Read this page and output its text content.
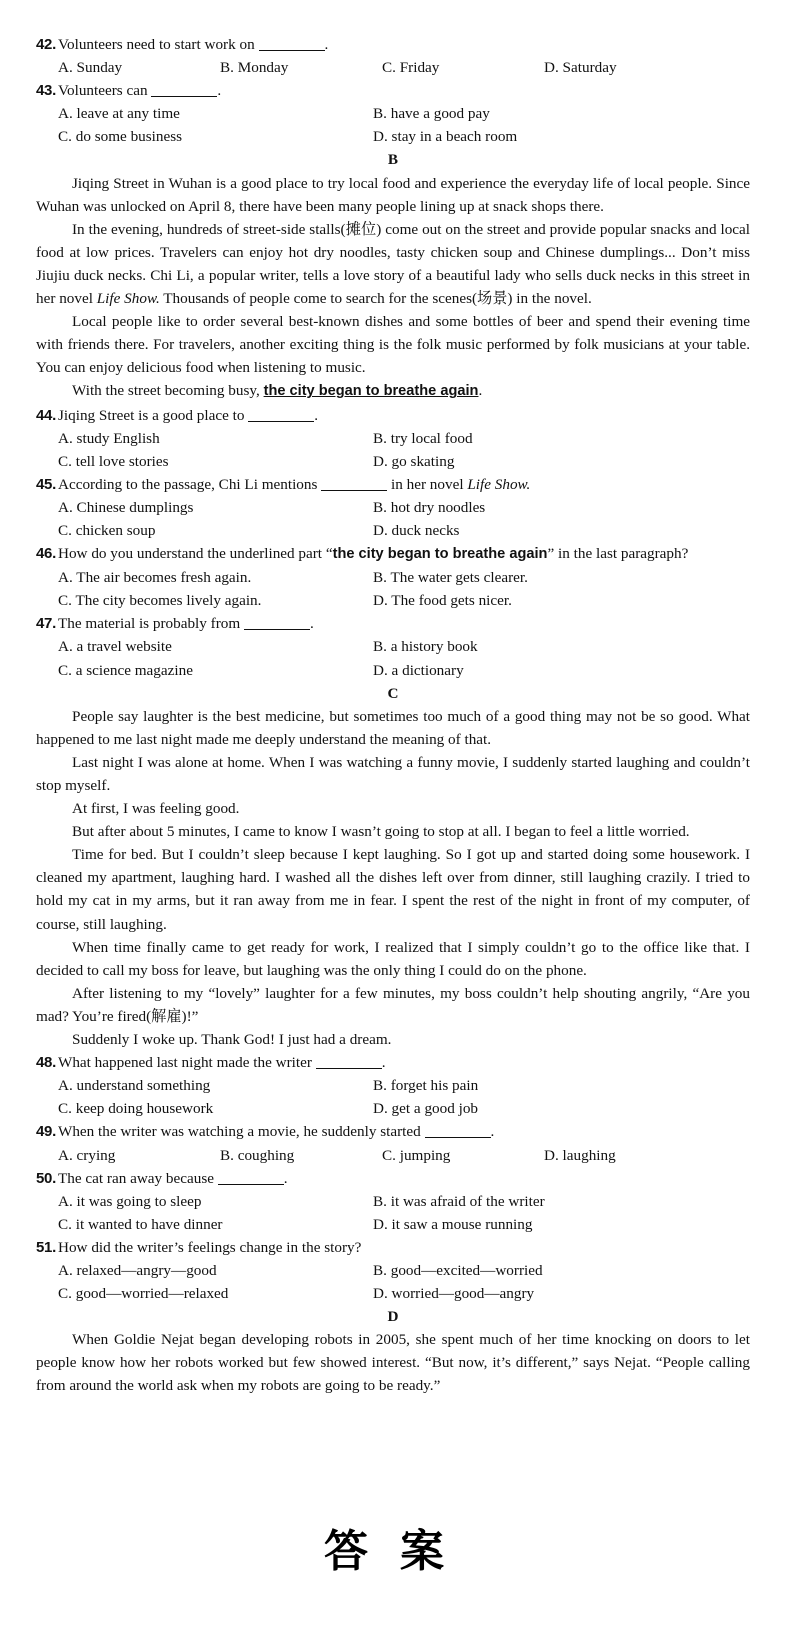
42. Volunteers need to start work on	.
A. Sunday	B. Monday	C. Friday	D. Saturday
43. Volunteers can	.
A. leave at any time	B. have a good pay
C. do some business	D. stay in a beach room
B
Jiqing Street in Wuhan is a good place to try local food and experience the everyday life of local people. Since Wuhan was unlocked on April 8, there have been many people lining up at snack shops there.
In the evening, hundreds of street-side stalls(摊位) come out on the street and provide popular snacks and local food at low prices. Travelers can enjoy hot dry noodles, tasty chicken soup and Chinese dumplings... Don’t miss Jiujiu duck necks. Chi Li, a popular writer, tells a love story of a beautiful lady who sells duck necks in this street in her novel Life Show. Thousands of people come to search for the scenes(场景) in the novel.
Local people like to order several best-known dishes and some bottles of beer and spend their evening time with friends there. For travelers, another exciting thing is the folk music performed by folk musicians at your table. You can enjoy delicious food when listening to music.
With the street becoming busy, the city began to breathe again.
44. Jiqing Street is a good place to	.
A. study English	B. try local food
C. tell love stories	D. go skating
45. According to the passage, Chi Li mentions	in her novel Life Show.
A. Chinese dumplings	B. hot dry noodles
C. chicken soup	D. duck necks
46. How do you understand the underlined part “the city began to breathe again” in the last paragraph?
A. The air becomes fresh again.	B. The water gets clearer.
C. The city becomes lively again.	D. The food gets nicer.
47. The material is probably from	.
A. a travel website	B. a history book
C. a science magazine	D. a dictionary
C
People say laughter is the best medicine, but sometimes too much of a good thing may not be so good. What happened to me last night made me deeply understand the meaning of that.
Last night I was alone at home. When I was watching a funny movie, I suddenly started laughing and couldn’t stop myself.
At first, I was feeling good.
But after about 5 minutes, I came to know I wasn’t going to stop at all. I began to feel a little worried.
Time for bed. But I couldn’t sleep because I kept laughing. So I got up and started doing some housework. I cleaned my apartment, laughing hard. I washed all the dishes left over from dinner, still laughing crazily. I tried to hold my cat in my arms, but it ran away from me in fear. I spent the rest of the night in front of my computer, of course, still laughing.
When time finally came to get ready for work, I realized that I simply couldn’t go to the office like that. I decided to call my boss for leave, but laughing was the only thing I could do on the phone.
After listening to my “lovely” laughter for a few minutes, my boss couldn’t help shouting angrily, “Are you mad? You’re fired(解雇)!”
Suddenly I woke up. Thank God! I just had a dream.
48. What happened last night made the writer	.
A. understand something	B. forget his pain
C. keep doing housework	D. get a good job
49. When the writer was watching a movie, he suddenly started	.
A. crying	B. coughing	C. jumping	D. laughing
50. The cat ran away because	.
A. it was going to sleep	B. it was afraid of the writer
C. it wanted to have dinner	D. it saw a mouse running
51. How did the writer’s feelings change in the story?
A. relaxed—angry—good	B. good—excited—worried
C. good—worried—relaxed	D. worried—good—angry
D
When Goldie Nejat began developing robots in 2005, she spent much of her time knocking on doors to let people know how her robots worked but few showed interest. “But now, it’s different,” says Nejat. “People calling from around the world ask when my robots are going to be ready.”
答案
